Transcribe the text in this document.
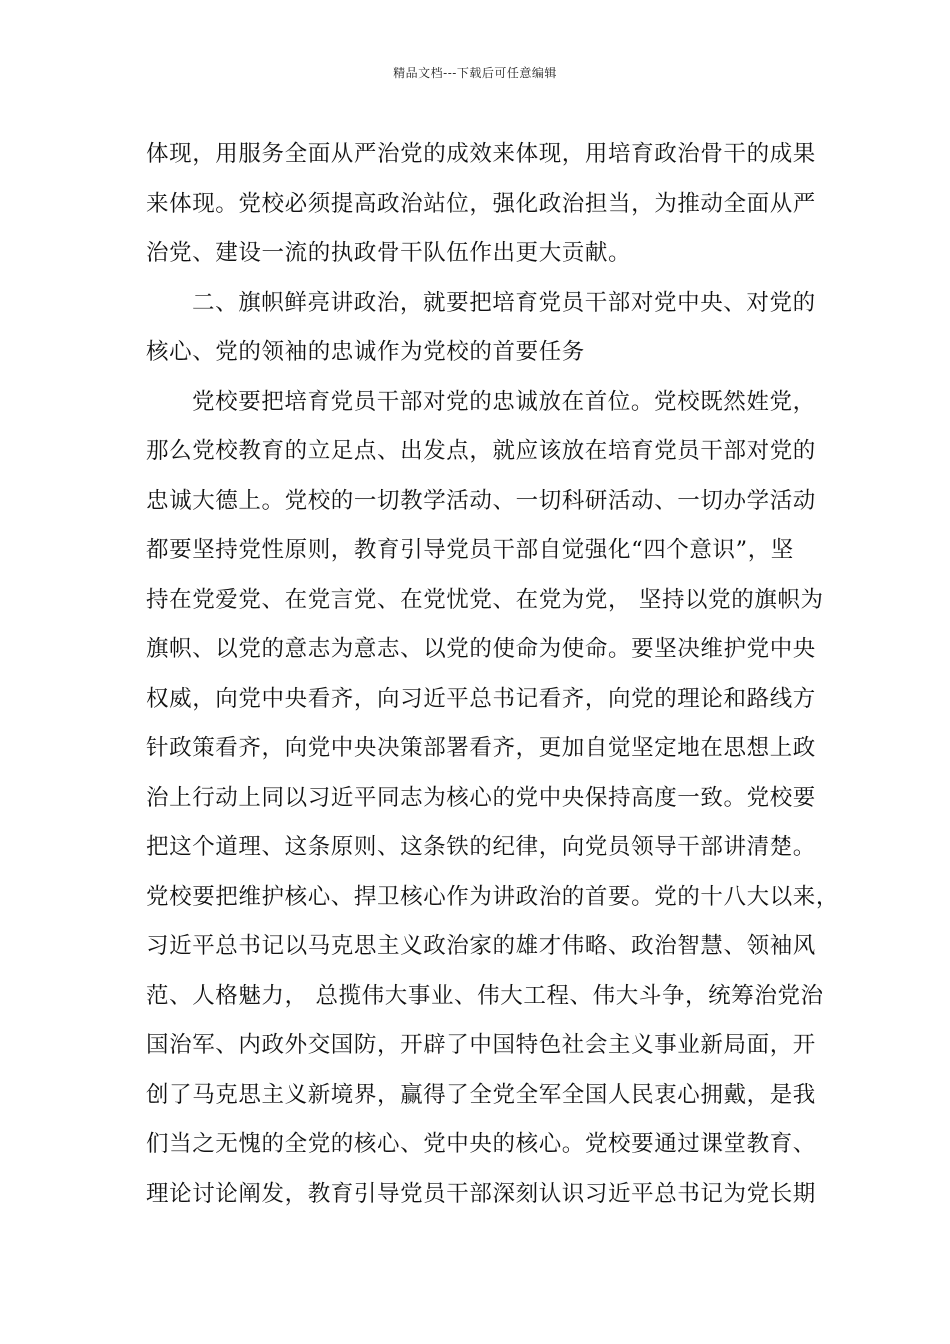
精品文档---下载后可任意编辑
体现，用服务全面从严治党的成效来体现，用培育政治骨干的成果
来体现。党校必须提高政治站位，强化政治担当，为推动全面从严
治党、建设一流的执政骨干队伍作出更大贡献。
二、旗帜鲜亮讲政治，就要把培育党员干部对党中央、对党的
核心、党的领袖的忠诚作为党校的首要任务
党校要把培育党员干部对党的忠诚放在首位。党校既然姓党，
那么党校教育的立足点、出发点，就应该放在培育党员干部对党的
忠诚大德上。党校的一切教学活动、一切科研活动、一切办学活动
都要坚持党性原则，教育引导党员干部自觉强化“四个意识”，坚
持在党爱党、在党言党、在党忧党、在党为党， 坚持以党的旗帜为
旗帜、以党的意志为意志、以党的使命为使命。要坚决维护党中央
权威，向党中央看齐，向习近平总书记看齐，向党的理论和路线方
针政策看齐，向党中央决策部署看齐，更加自觉坚定地在思想上政
治上行动上同以习近平同志为核心的党中央保持高度一致。党校要
把这个道理、这条原则、这条铁的纪律，向党员领导干部讲清楚。
党校要把维护核心、捍卫核心作为讲政治的首要。党的十八大以来，
习近平总书记以马克思主义政治家的雄才伟略、政治智慧、领袖风
范、人格魅力， 总揽伟大事业、伟大工程、伟大斗争，统筹治党治
国治军、内政外交国防，开辟了中国特色社会主义事业新局面，开
创了马克思主义新境界，赢得了全党全军全国人民衷心拥戴，是我
们当之无愧的全党的核心、党中央的核心。党校要通过课堂教育、
理论讨论阐发，教育引导党员干部深刻认识习近平总书记为党长期
